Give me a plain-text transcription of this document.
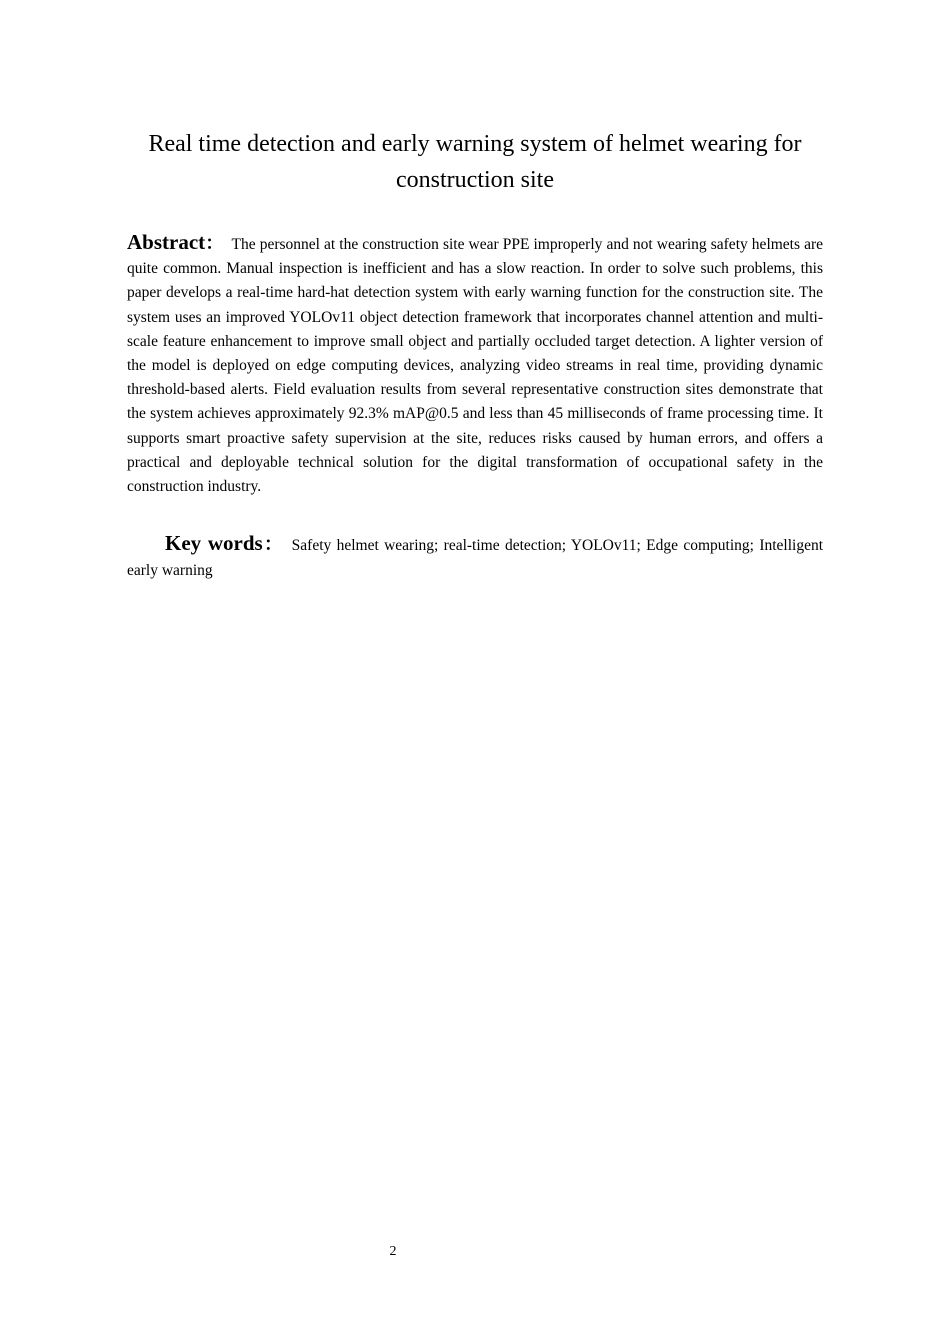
Real time detection and early warning system of helmet wearing for construction site

Abstract： The personnel at the construction site wear PPE improperly and not wearing safety helmets are quite common. Manual inspection is inefficient and has a slow reaction. In order to solve such problems, this paper develops a real-time hard-hat detection system with early warning function for the construction site. The system uses an improved YOLOv11 object detection framework that incorporates channel attention and multi-scale feature enhancement to improve small object and partially occluded target detection. A lighter version of the model is deployed on edge computing devices, analyzing video streams in real time, providing dynamic threshold-based alerts. Field evaluation results from several representative construction sites demonstrate that the system achieves approximately 92.3% mAP@0.5 and less than 45 milliseconds of frame processing time. It supports smart proactive safety supervision at the site, reduces risks caused by human errors, and offers a practical and deployable technical solution for the digital transformation of occupational safety in the construction industry.

Key words： Safety helmet wearing; real-time detection; YOLOv11; Edge computing; Intelligent early warning

2
